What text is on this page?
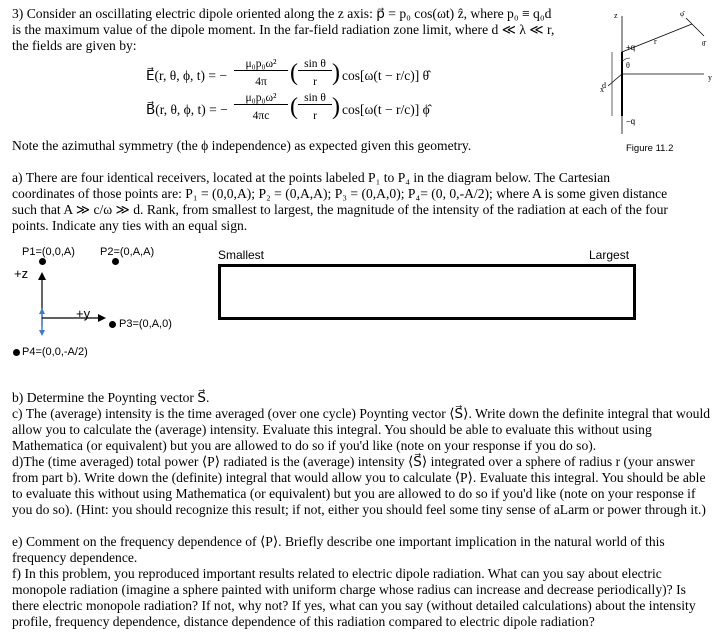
3) Consider an oscillating electric dipole oriented along the z axis: p⃗ = p₀ cos(ωt) ẑ, where p₀ ≡ q₀d
is the maximum value of the dipole moment. In the far-field radiation zone limit, where d ≪ λ ≪ r,
the fields are given by:
E⃗(r, θ, ϕ, t) = −
μ₀p₀ω²
4π ( sin θ
r ) cos[ω(t − r/c)] θ̂
B⃗(r, θ, ϕ, t) = −
μ₀p₀ω²
4πc ( sin θ
r ) cos[ω(t − r/c)] ϕ̂
z
y
x
+q
−q
d
θ
r
φ̂
θ̂
Note the azimuthal symmetry (the ϕ independence) as expected given this geometry.	Figure 11.2
a) There are four identical receivers, located at the points labeled P₁ to P₄ in the diagram below. The Cartesian
coordinates of those points are: P₁ = (0,0,A); P₂ = (0,A,A); P₃ = (0,A,0); P₄= (0, 0,-A/2); where A is some given distance
such that A ≫ c/ω ≫ d. Rank, from smallest to largest, the magnitude of the intensity of the radiation at each of the four
points. Indicate any ties with an equal sign.
P1=(0,0,A) P2=(0,A,A)
+z
+y
P3=(0,A,0)
P4=(0,0,-A/2)
Smallest	Largest
b) Determine the Poynting vector S⃗.
c) The (average) intensity is the time averaged (over one cycle) Poynting vector ⟨S⃗⟩. Write down the definite integral that would allow you to calculate the (average) intensity. Evaluate this integral. You should be able to evaluate this without using Mathematica (or equivalent) but you are allowed to do so if you'd like (note on your response if you do so).
d)The (time averaged) total power ⟨P⟩ radiated is the (average) intensity ⟨S⃗⟩ integrated over a sphere of radius r (your answer from part b). Write down the (definite) integral that would allow you to calculate ⟨P⟩. Evaluate this integral. You should be able to evaluate this without using Mathematica (or equivalent) but you are allowed to do so if you'd like (note on your response if you do so). (Hint: you should recognize this result; if not, either you should feel some tiny sense of aLarm or power through it.)
e) Comment on the frequency dependence of ⟨P⟩. Briefly describe one important implication in the natural world of this frequency dependence.
f) In this problem, you reproduced important results related to electric dipole radiation. What can you say about electric monopole radiation (imagine a sphere painted with uniform charge whose radius can increase and decrease periodically)? Is there electric monopole radiation? If not, why not? If yes, what can you say (without detailed calculations) about the intensity profile, frequency dependence, distance dependence of this radiation compared to electric dipole radiation?
